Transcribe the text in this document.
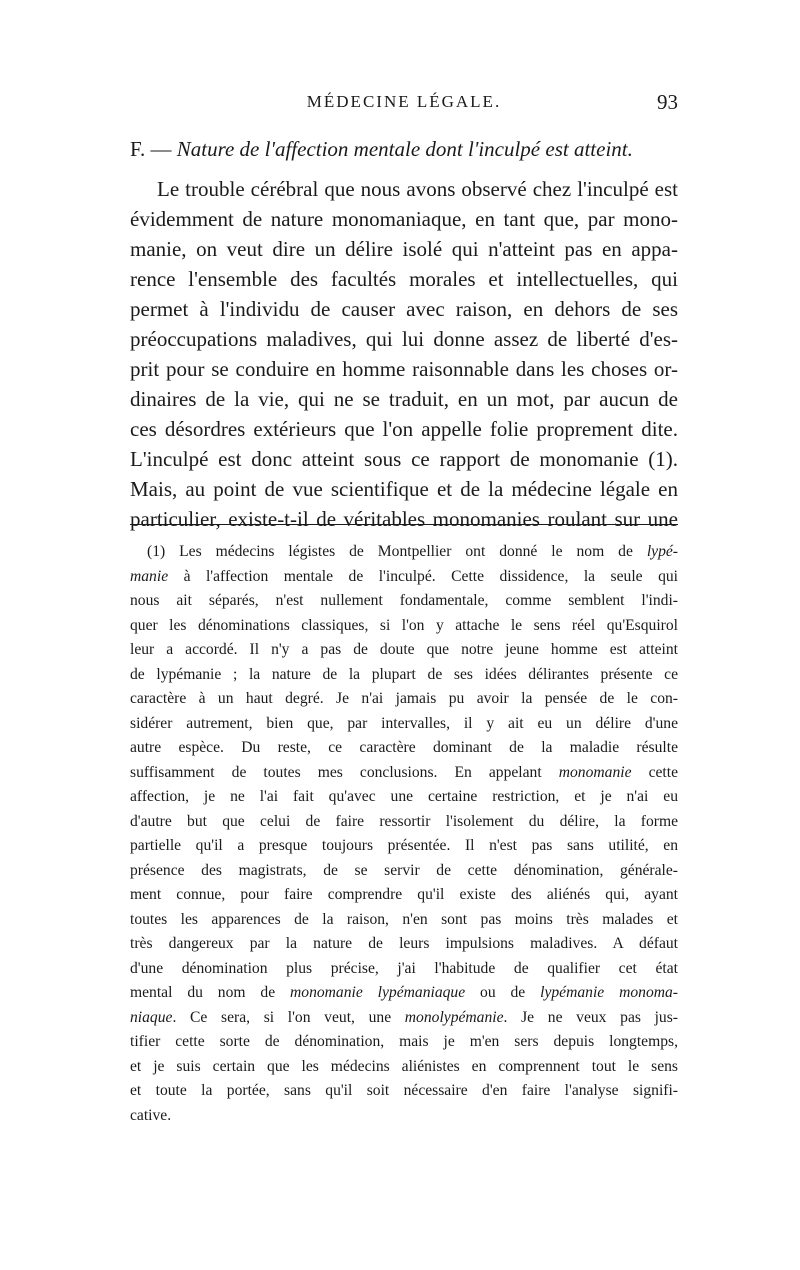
MÉDECINE LÉGALE.	93
F. — Nature de l'affection mentale dont l'inculpé est atteint.

Le trouble cérébral que nous avons observé chez l'inculpé est
évidemment de nature monomaniaque, en tant que, par mono-
manie, on veut dire un délire isolé qui n'atteint pas en appa-
rence l'ensemble des facultés morales et intellectuelles, qui
permet à l'individu de causer avec raison, en dehors de ses
préoccupations maladives, qui lui donne assez de liberté d'es-
prit pour se conduire en homme raisonnable dans les choses or-
dinaires de la vie, qui ne se traduit, en un mot, par aucun de
ces désordres extérieurs que l'on appelle folie proprement dite.
L'inculpé est donc atteint sous ce rapport de monomanie (1).
Mais, au point de vue scientifique et de la médecine légale en
particulier, existe-t-il de véritables monomanies roulant sur une

(1) Les médecins légistes de Montpellier ont donné le nom de lypé-
manie à l'affection mentale de l'inculpé. Cette dissidence, la seule qui
nous ait séparés, n'est nullement fondamentale, comme semblent l'indi-
quer les dénominations classiques, si l'on y attache le sens réel qu'Esquirol
leur a accordé. Il n'y a pas de doute que notre jeune homme est atteint
de lypémanie ; la nature de la plupart de ses idées délirantes présente ce
caractère à un haut degré. Je n'ai jamais pu avoir la pensée de le con-
sidérer autrement, bien que, par intervalles, il y ait eu un délire d'une
autre espèce. Du reste, ce caractère dominant de la maladie résulte
suffisamment de toutes mes conclusions. En appelant monomanie cette
affection, je ne l'ai fait qu'avec une certaine restriction, et je n'ai eu
d'autre but que celui de faire ressortir l'isolement du délire, la forme
partielle qu'il a presque toujours présentée. Il n'est pas sans utilité, en
présence des magistrats, de se servir de cette dénomination, générale-
ment connue, pour faire comprendre qu'il existe des aliénés qui, ayant
toutes les apparences de la raison, n'en sont pas moins très malades et
très dangereux par la nature de leurs impulsions maladives. A défaut
d'une dénomination plus précise, j'ai l'habitude de qualifier cet état
mental du nom de monomanie lypémaniaque ou de lypémanie monoma-
niaque. Ce sera, si l'on veut, une monolypémanie. Je ne veux pas jus-
tifier cette sorte de dénomination, mais je m'en sers depuis longtemps,
et je suis certain que les médecins aliénistes en comprennent tout le sens
et toute la portée, sans qu'il soit nécessaire d'en faire l'analyse signifi-
cative.
